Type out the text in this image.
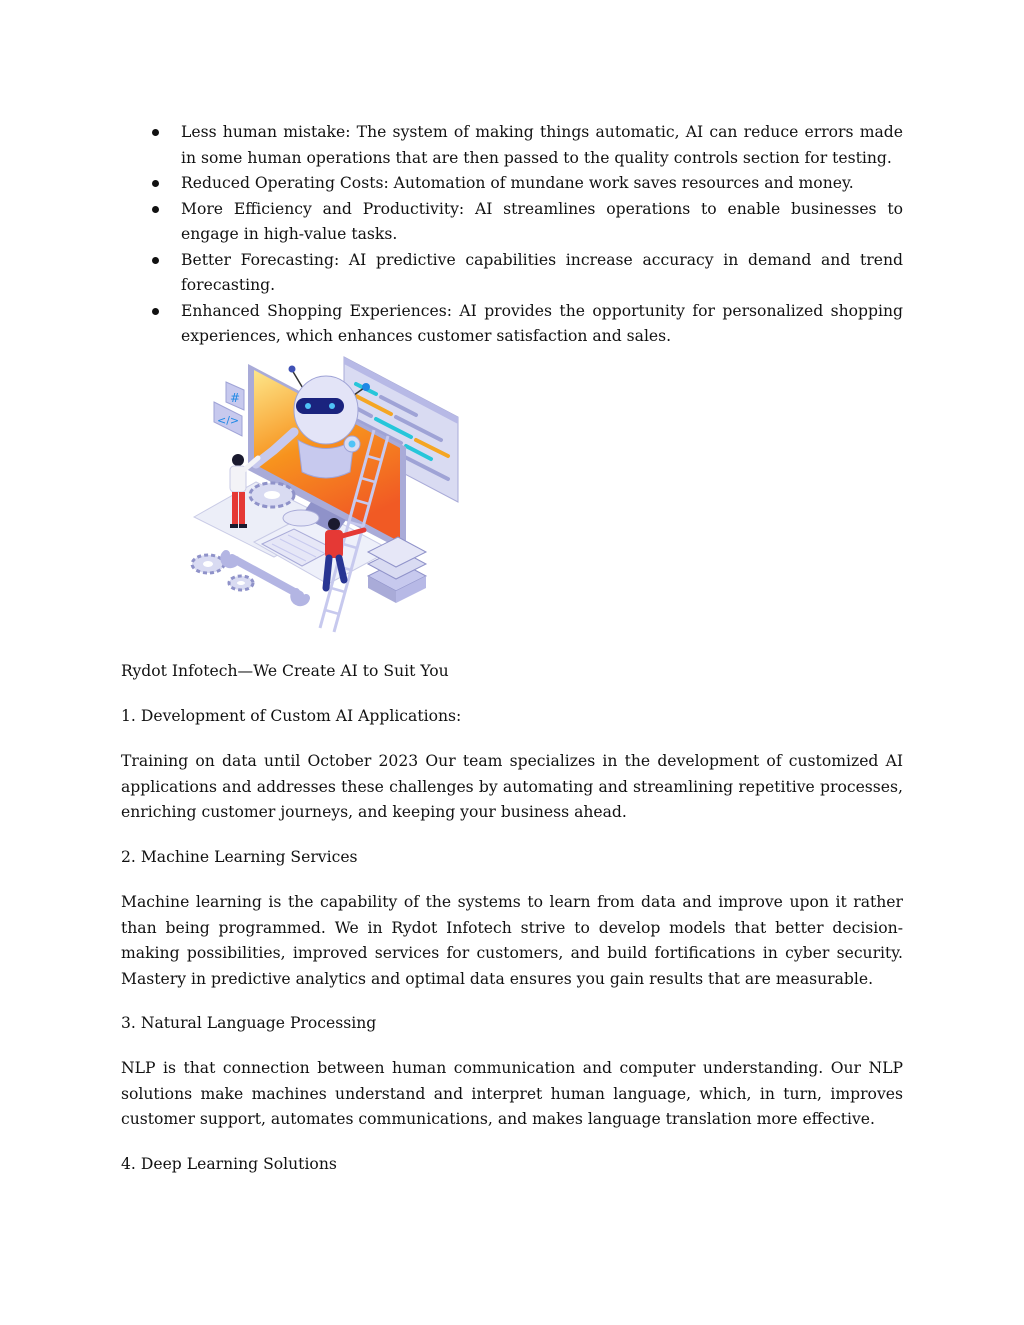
Less human mistake: The system of making things automatic, AI can reduce errors made in some human operations that are then passed to the quality controls section for testing.
Reduced Operating Costs: Automation of mundane work saves resources and money.
More Efficiency and Productivity: AI streamlines operations to enable businesses to engage in high-value tasks.
Better Forecasting: AI predictive capabilities increase accuracy in demand and trend forecasting.
Enhanced Shopping Experiences: AI provides the opportunity for personalized shopping experiences, which enhances customer satisfaction and sales.
#
</>

Rydot Infotech—We Create AI to Suit You

1. Development of Custom AI Applications:

Training on data until October 2023 Our team specializes in the development of customized AI applications and addresses these challenges by automating and streamlining repetitive processes, enriching customer journeys, and keeping your business ahead.

2. Machine Learning Services

Machine learning is the capability of the systems to learn from data and improve upon it rather than being programmed. We in Rydot Infotech strive to develop models that better decision-making possibilities, improved services for customers, and build fortifications in cyber security. Mastery in predictive analytics and optimal data ensures you gain results that are measurable.

3. Natural Language Processing

NLP is that connection between human communication and computer understanding. Our NLP solutions make machines understand and interpret human language, which, in turn, improves customer support, automates communications, and makes language translation more effective.

4. Deep Learning Solutions
